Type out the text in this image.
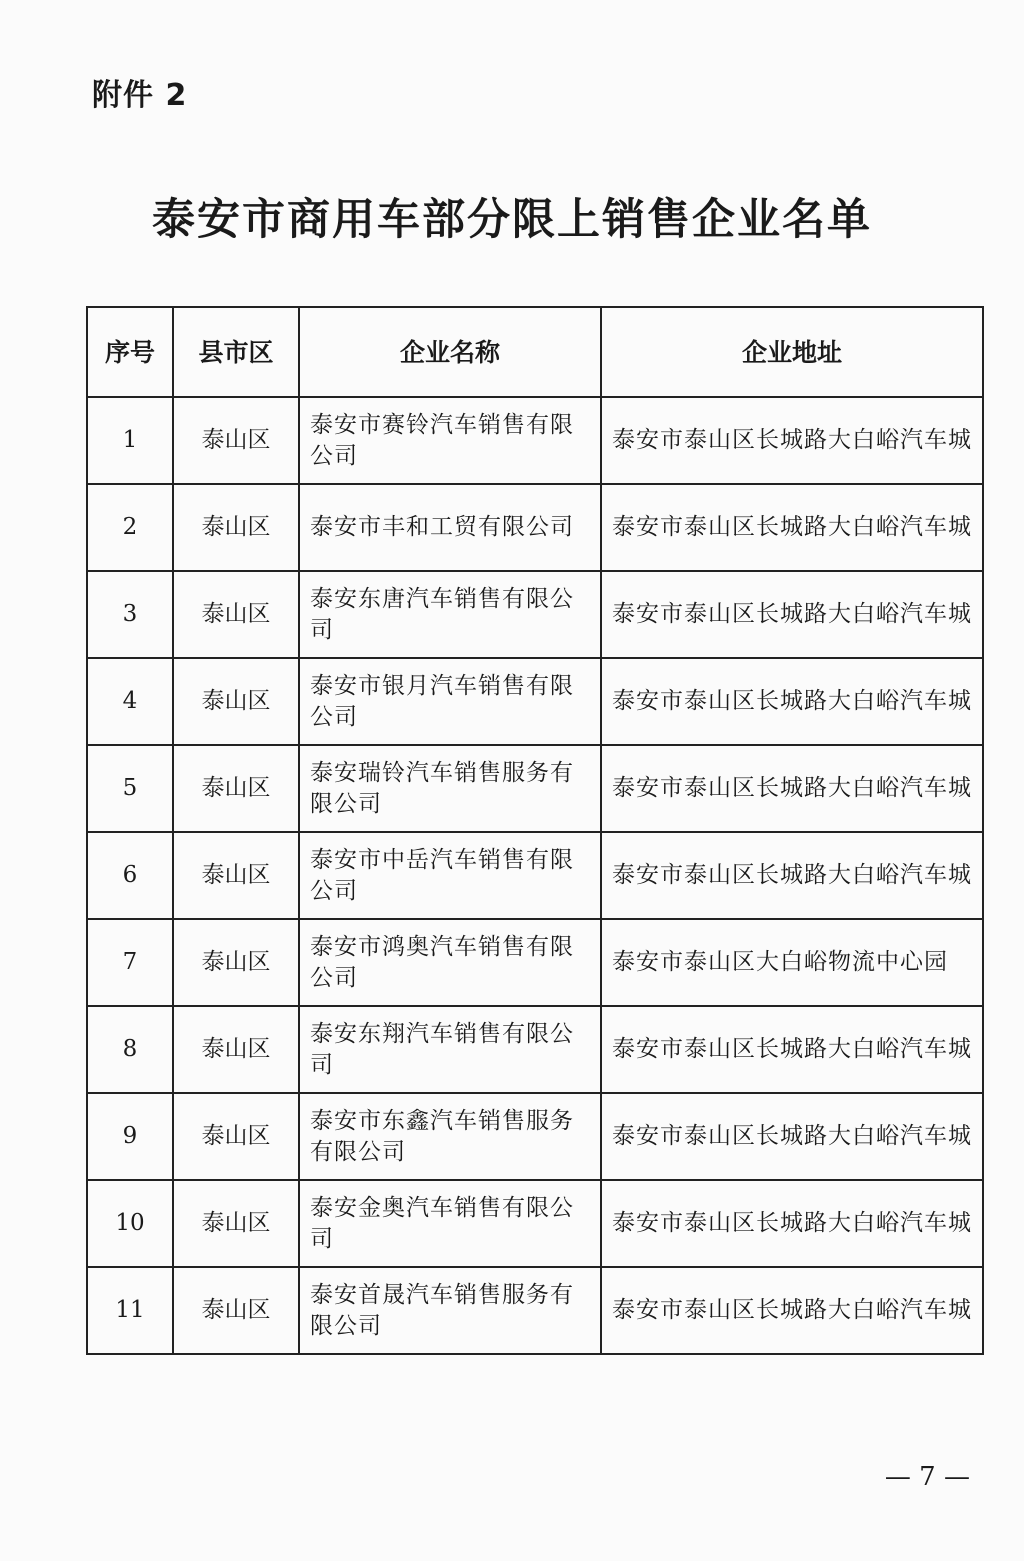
附件 2
泰安市商用车部分限上销售企业名单
序号	县市区	企业名称	企业地址
1	泰山区	泰安市赛铃汽车销售有限公司	泰安市泰山区长城路大白峪汽车城
2	泰山区	泰安市丰和工贸有限公司	泰安市泰山区长城路大白峪汽车城
3	泰山区	泰安东唐汽车销售有限公司	泰安市泰山区长城路大白峪汽车城
4	泰山区	泰安市银月汽车销售有限公司	泰安市泰山区长城路大白峪汽车城
5	泰山区	泰安瑞铃汽车销售服务有限公司	泰安市泰山区长城路大白峪汽车城
6	泰山区	泰安市中岳汽车销售有限公司	泰安市泰山区长城路大白峪汽车城
7	泰山区	泰安市鸿奥汽车销售有限公司	泰安市泰山区大白峪物流中心园
8	泰山区	泰安东翔汽车销售有限公司	泰安市泰山区长城路大白峪汽车城
9	泰山区	泰安市东鑫汽车销售服务有限公司	泰安市泰山区长城路大白峪汽车城
10	泰山区	泰安金奥汽车销售有限公司	泰安市泰山区长城路大白峪汽车城
11	泰山区	泰安首晟汽车销售服务有限公司	泰安市泰山区长城路大白峪汽车城
— 7 —
